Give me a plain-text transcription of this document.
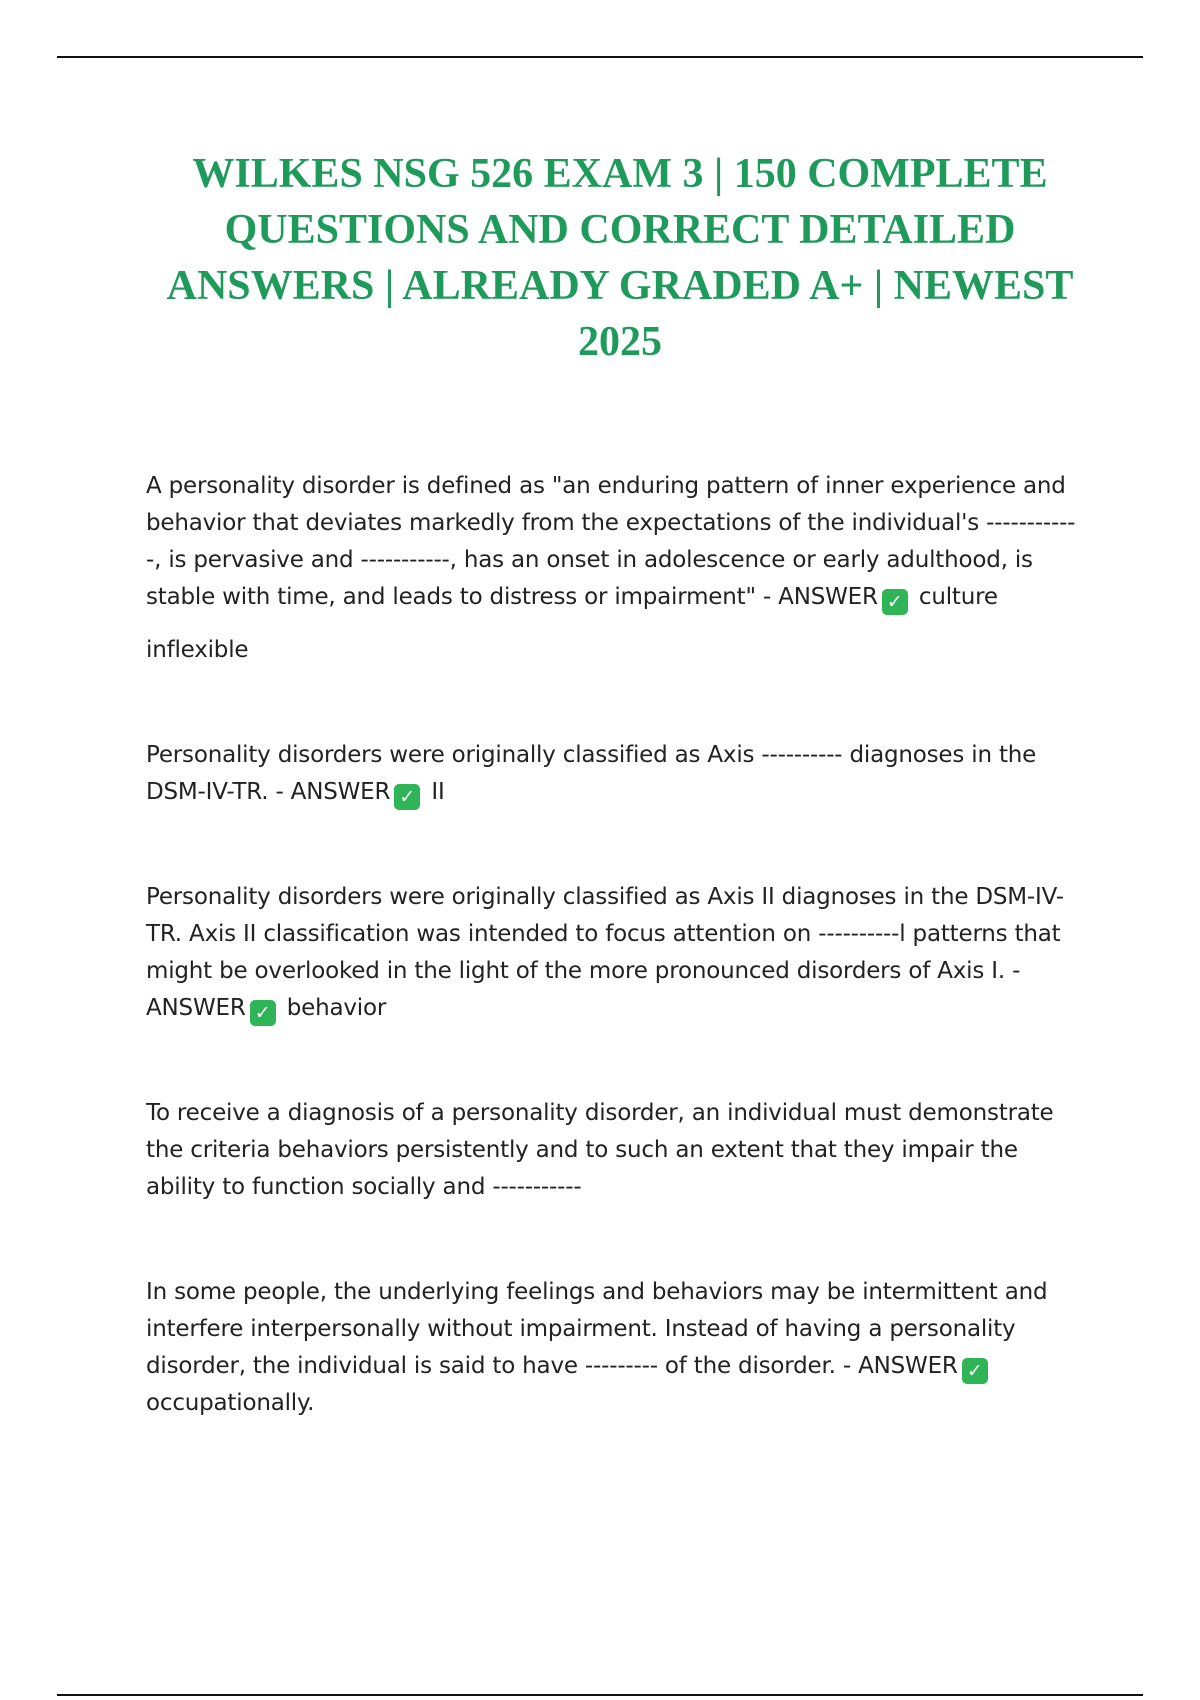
WILKES NSG 526 EXAM 3 | 150 COMPLETE QUESTIONS AND CORRECT DETAILED ANSWERS | ALREADY GRADED A+ | NEWEST 2025

A personality disorder is defined as "an enduring pattern of inner experience and behavior that deviates markedly from the expectations of the individual's ----------- -, is pervasive and -----------, has an onset in adolescence or early adulthood, is stable with time, and leads to distress or impairment" - ANSWER ✓ culture

inflexible

Personality disorders were originally classified as Axis ---------- diagnoses in the DSM-IV-TR. - ANSWER ✓ II

Personality disorders were originally classified as Axis II diagnoses in the DSM-IV-TR. Axis II classification was intended to focus attention on ----------l patterns that might be overlooked in the light of the more pronounced disorders of Axis I. - ANSWER ✓ behavior

To receive a diagnosis of a personality disorder, an individual must demonstrate the criteria behaviors persistently and to such an extent that they impair the ability to function socially and -----------

In some people, the underlying feelings and behaviors may be intermittent and interfere interpersonally without impairment. Instead of having a personality disorder, the individual is said to have --------- of the disorder. - ANSWER ✓ occupationally.
